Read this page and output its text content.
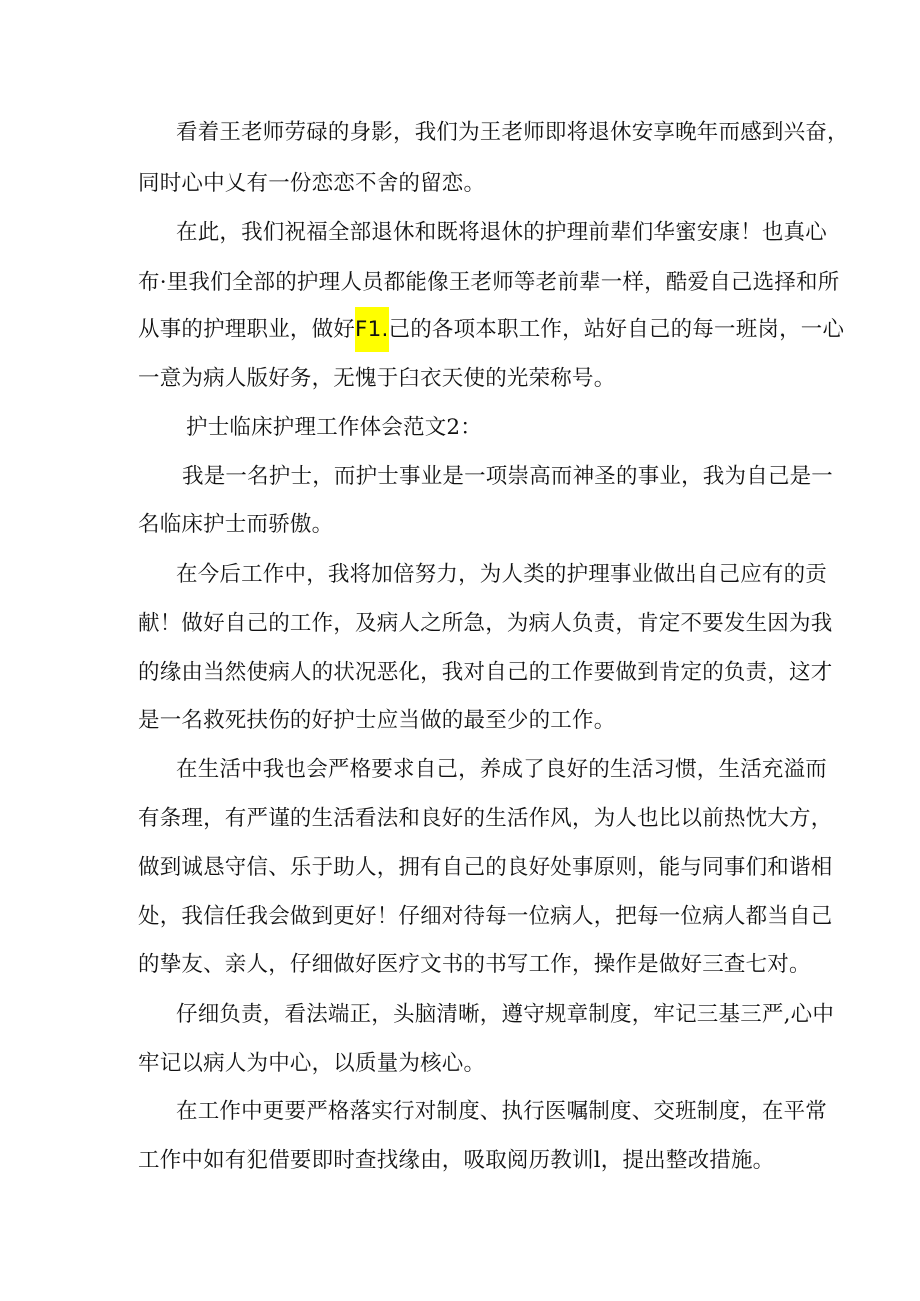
看着王老师劳碌的身影，我们为王老师即将退休安享晚年而感到兴奋，
同时心中乂有一份恋恋不舍的留恋。
在此，我们祝福全部退休和既将退休的护理前辈们华蜜安康！也真心
布·里我们全部的护理人员都能像王老师等老前辈一样，酷爱自己选择和所
从事的护理职业，做好F1.己的各项本职工作，站好自己的每一班岗，一心
一意为病人版好务，无愧于臼衣天使的光荣称号。
护士临床护理工作体会范文2：
我是一名护士，而护士事业是一项崇高而神圣的事业，我为自己是一
名临床护士而骄傲。
在今后工作中，我将加倍努力，为人类的护理事业做出自己应有的贡
献！做好自己的工作，及病人之所急，为病人负责，肯定不要发生因为我
的缘由当然使病人的状况恶化，我对自己的工作要做到肯定的负责，这才
是一名救死扶伤的好护士应当做的最至少的工作。
在生活中我也会严格要求自己，养成了良好的生活习惯，生活充溢而
有条理，有严谨的生活看法和良好的生活作风，为人也比以前热忱大方，
做到诚恳守信、乐于助人，拥有自己的良好处事原则，能与同事们和谐相
处，我信任我会做到更好！仔细对待每一位病人，把每一位病人都当自己
的挚友、亲人，仔细做好医疗文书的书写工作，操作是做好三查七对。
仔细负责，看法端正，头脑清晰，遵守规章制度，牢记三基三严,心中
牢记以病人为中心，以质量为核心。
在工作中更要严格落实行对制度、执行医嘱制度、交班制度，在平常
工作中如有犯借要即时查找缘由，吸取阅历教训l，提出整改措施。
